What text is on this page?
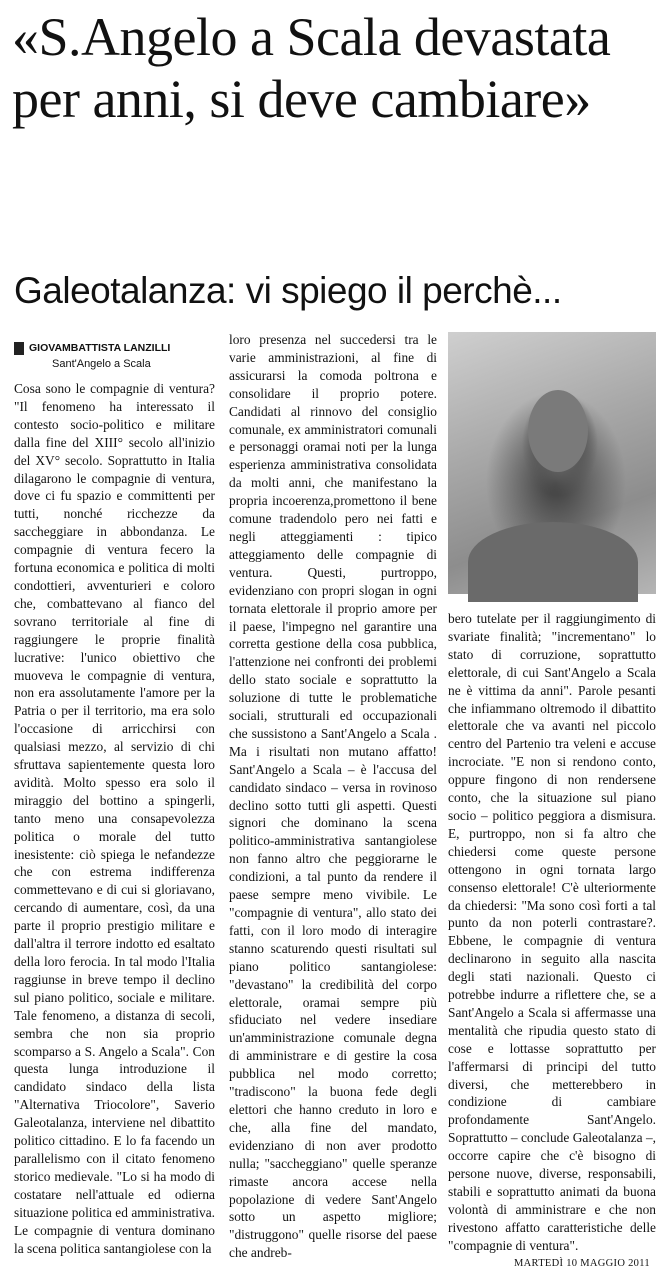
«S.Angelo a Scala devastata per anni, si deve cambiare»
Galeotalanza: vi spiego il perchè...
GIOVAMBATTISTA LANZILLI
Sant'Angelo a Scala
Cosa sono le compagnie di ventura? "Il fenomeno ha interessato il contesto socio-politico e militare dalla fine del XIII° secolo all'inizio del XV° secolo. Soprattutto in Italia dilagarono le compagnie di ventura, dove ci fu spazio e committenti per tutti, nonché ricchezze da saccheggiare in abbondanza. Le compagnie di ventura fecero la fortuna economica e politica di molti condottieri, avventurieri e coloro che, combattevano al fianco del sovrano territoriale al fine di raggiungere le proprie finalità lucrative: l'unico obiettivo che muoveva le compagnie di ventura, non era assolutamente l'amore per la Patria o per il territorio, ma era solo l'occasione di arricchirsi con qualsiasi mezzo, al servizio di chi sfruttava sapientemente questa loro avidità. Molto spesso era solo il miraggio del bottino a spingerli, tanto meno una consapevolezza politica o morale del tutto inesistente: ciò spiega le nefandezze che con estrema indifferenza commettevano e di cui si gloriavano, cercando di aumentare, così, da una parte il proprio prestigio militare e dall'altra il terrore indotto ed esaltato della loro ferocia. In tal modo l'Italia raggiunse in breve tempo il declino sul piano politico, sociale e militare. Tale fenomeno, a distanza di secoli, sembra che non sia proprio scomparso a S. Angelo a Scala". Con questa lunga introduzione il candidato sindaco della lista "Alternativa Triocolore", Saverio Galeotalanza, interviene nel dibattito politico cittadino. E lo fa facendo un parallelismo con il citato fenomeno storico medievale. "Lo si ha modo di costatare nell'attuale ed odierna situazione politica ed amministrativa. Le compagnie di ventura dominano la scena politica santangiolese con la
loro presenza nel succedersi tra le varie amministrazioni, al fine di assicurarsi la comoda poltrona e consolidare il proprio potere. Candidati al rinnovo del consiglio comunale, ex amministratori comunali e personaggi oramai noti per la lunga esperienza amministrativa consolidata da molti anni, che manifestano la propria incoerenza,promettono il bene comune tradendolo pero nei fatti e negli atteggiamenti : tipico atteggiamento delle compagnie di ventura. Questi, purtroppo, evidenziano con propri slogan in ogni tornata elettorale il proprio amore per il paese, l'impegno nel garantire una corretta gestione della cosa pubblica, l'attenzione nei confronti dei problemi dello stato sociale e soprattutto la soluzione di tutte le problematiche sociali, strutturali ed occupazionali che sussistono a Sant'Angelo a Scala . Ma i risultati non mutano affatto! Sant'Angelo a Scala – è l'accusa del candidato sindaco – versa in rovinoso declino sotto tutti gli aspetti. Questi signori che dominano la scena politico-amministrativa santangiolese non fanno altro che peggiorarne le condizioni, a tal punto da rendere il paese sempre meno vivibile. Le "compagnie di ventura", allo stato dei fatti, con il loro modo di interagire stanno scaturendo questi risultati sul piano politico santangiolese: "devastano" la credibilità del corpo elettorale, oramai sempre più sfiduciato nel vedere insediare un'amministrazione comunale degna di amministrare e di gestire la cosa pubblica nel modo corretto; "tradiscono" la buona fede degli elettori che hanno creduto in loro e che, alla fine del mandato, evidenziano di non aver prodotto nulla; "saccheggiano" quelle speranze rimaste ancora accese nella popolazione di vedere Sant'Angelo sotto un aspetto migliore; "distruggono" quelle risorse del paese che andreb-
bero tutelate per il raggiungimento di svariate finalità; "incrementano" lo stato di corruzione, soprattutto elettorale, di cui Sant'Angelo a Scala ne è vittima da anni". Parole pesanti che infiammano oltremodo il dibattito elettorale che va avanti nel piccolo centro del Partenio tra veleni e accuse incrociate. "E non si rendono conto, oppure fingono di non rendersene conto, che la situazione sul piano socio – politico peggiora a dismisura. E, purtroppo, non si fa altro che chiedersi come queste persone ottengono in ogni tornata largo consenso elettorale! C'è ulteriormente da chiedersi: "Ma sono così forti a tal punto da non poterli contrastare?. Ebbene, le compagnie di ventura declinarono in seguito alla nascita degli stati nazionali. Questo ci potrebbe indurre a riflettere che, se a Sant'Angelo a Scala si affermasse una mentalità che ripudia questo stato di cose e lottasse soprattutto per l'affermarsi di principi del tutto diversi, che metterebbero in condizione di cambiare profondamente Sant'Angelo. Soprattutto – conclude Galeotalanza –, occorre capire che c'è bisogno di persone nuove, diverse, responsabili, stabili e soprattutto animati da buona volontà di amministrare e che non rivestono affatto caratteristiche delle "compagnie di ventura".
MARTEDÌ 10 MAGGIO 2011
